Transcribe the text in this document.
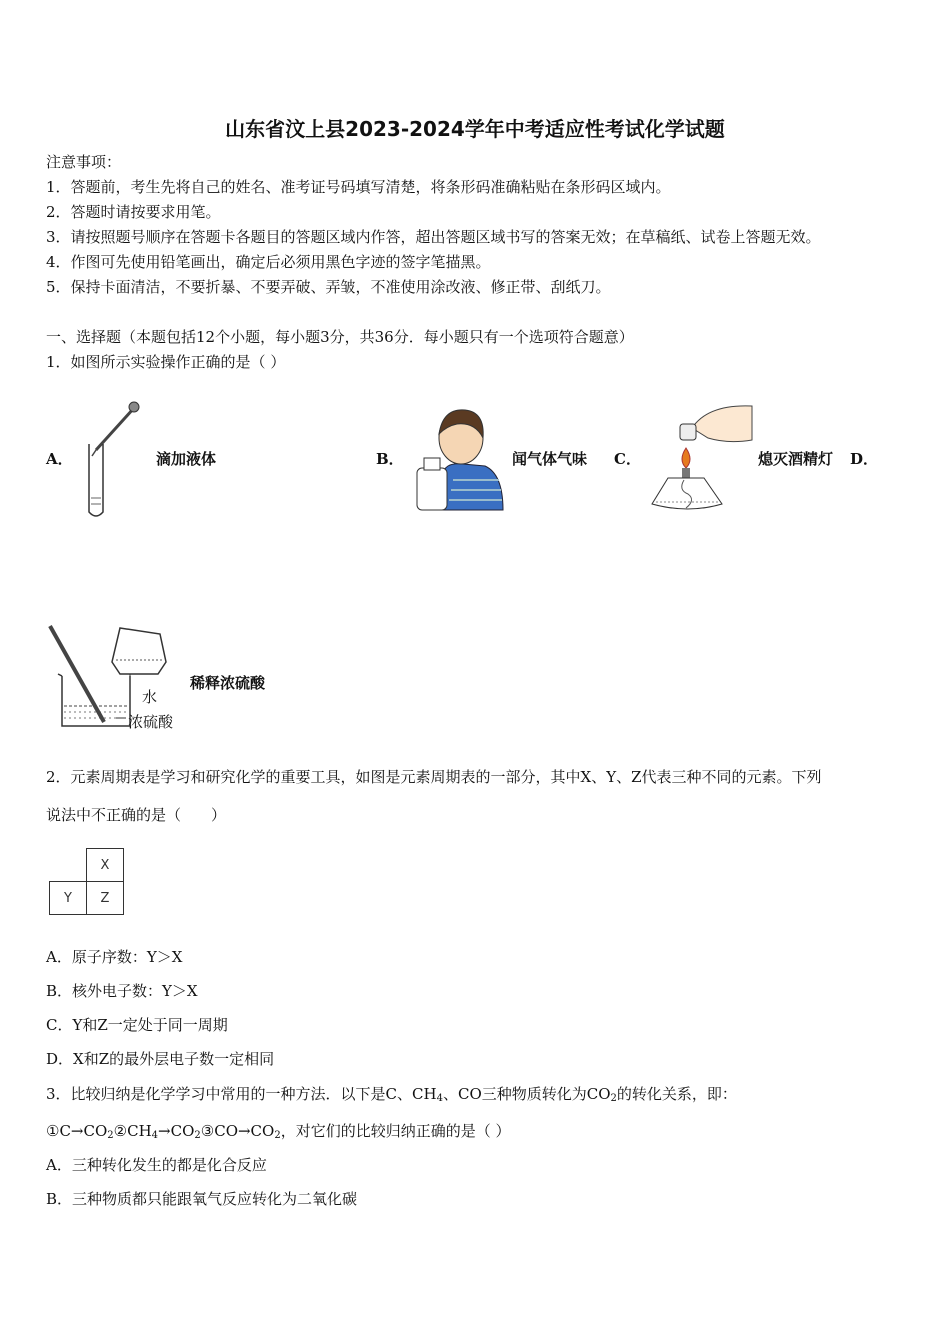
山东省汶上县2023-2024学年中考适应性考试化学试题
注意事项：
1．答题前，考生先将自己的姓名、准考证号码填写清楚，将条形码准确粘贴在条形码区域内。
2．答题时请按要求用笔。
3．请按照题号顺序在答题卡各题目的答题区域内作答，超出答题区域书写的答案无效；在草稿纸、试卷上答题无效。
4．作图可先使用铅笔画出，确定后必须用黑色字迹的签字笔描黑。
5．保持卡面清洁，不要折暴、不要弄破、弄皱，不准使用涂改液、修正带、刮纸刀。
一、选择题（本题包括12个小题，每小题3分，共36分．每小题只有一个选项符合题意）
1．如图所示实验操作正确的是（ ）
A．	滴加液体	B．	闻气体气味 C．	熄灭酒精灯 D．
水
浓硫酸
稀释浓硫酸
2．元素周期表是学习和研究化学的重要工具，如图是元素周期表的一部分，其中X、Y、Z代表三种不同的元素。下列
说法中不正确的是（　　）
	X
Y	Z
A．原子序数：Y＞X
B．核外电子数：Y＞X
C．Y和Z一定处于同一周期
D．X和Z的最外层电子数一定相同
3．比较归纳是化学学习中常用的一种方法．以下是C、$CH_4$、CO三种物质转化为$CO_2$的转化关系，即：
$①C\to CO_2②CH_4\to CO_2③CO\to CO_2$，对它们的比较归纳正确的是（ ）
A．三种转化发生的都是化合反应
B．三种物质都只能跟氧气反应转化为二氧化碳
